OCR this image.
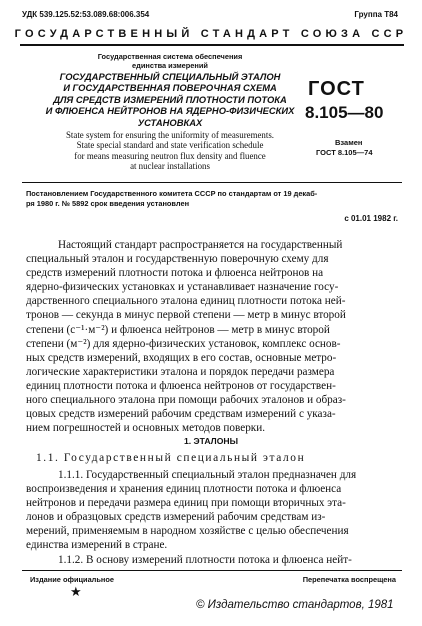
УДК 539.125.52:53.089.68:006.354	Группа Т84
ГОСУДАРСТВЕННЫЙ СТАНДАРТ СОЮЗА ССР
Государственная система обеспечения
единства измерений
ГОСУДАРСТВЕННЫЙ СПЕЦИАЛЬНЫЙ ЭТАЛОН
И ГОСУДАРСТВЕННАЯ ПОВЕРОЧНАЯ СХЕМА
ДЛЯ СРЕДСТВ ИЗМЕРЕНИЙ ПЛОТНОСТИ ПОТОКА
И ФЛЮЕНСА НЕЙТРОНОВ НА ЯДЕРНО-ФИЗИЧЕСКИХ
УСТАНОВКАХ
State system for ensuring the uniformity of measurements.
State special standard and state verification schedule
for means measuring neutron flux density and fluence
at nuclear installations
ГОСТ
8.105—80
Взамен
ГОСТ 8.105—74
Постановлением Государственного комитета СССР по стандартам от 19 декаб-
ря 1980 г. № 5892 срок введения установлен
с 01.01 1982 г.
Настоящий стандарт распространяется на государственный
специальный эталон и государственную поверочную схему для
средств измерений плотности потока и флюенса нейтронов на
ядерно-физических установках и устанавливает назначение госу-
дарственного специального эталона единиц плотности потока ней-
тронов — секунда в минус первой степени — метр в минус второй
степени (с⁻¹·м⁻²) и флюенса нейтронов — метр в минус второй
степени (м⁻²) для ядерно-физических установок, комплекс основ-
ных средств измерений, входящих в его состав, основные метро-
логические характеристики эталона и порядок передачи размера
единиц плотности потока и флюенса нейтронов от государствен-
ного специального эталона при помощи рабочих эталонов и образ-
цовых средств измерений рабочим средствам измерений с указа-
нием погрешностей и основных методов поверки.
1. ЭТАЛОНЫ
1.1. Государственный специальный эталон
1.1.1. Государственный специальный эталон предназначен для
воспроизведения и хранения единиц плотности потока и флюенса
нейтронов и передачи размера единиц при помощи вторичных эта-
лонов и образцовых средств измерений рабочим средствам из-
мерений, применяемым в народном хозяйстве с целью обеспечения
единства измерений в стране.
1.1.2. В основу измерений плотности потока и флюенса нейт-
Издание официальное	Перепечатка воспрещена
★
© Издательство стандартов, 1981
